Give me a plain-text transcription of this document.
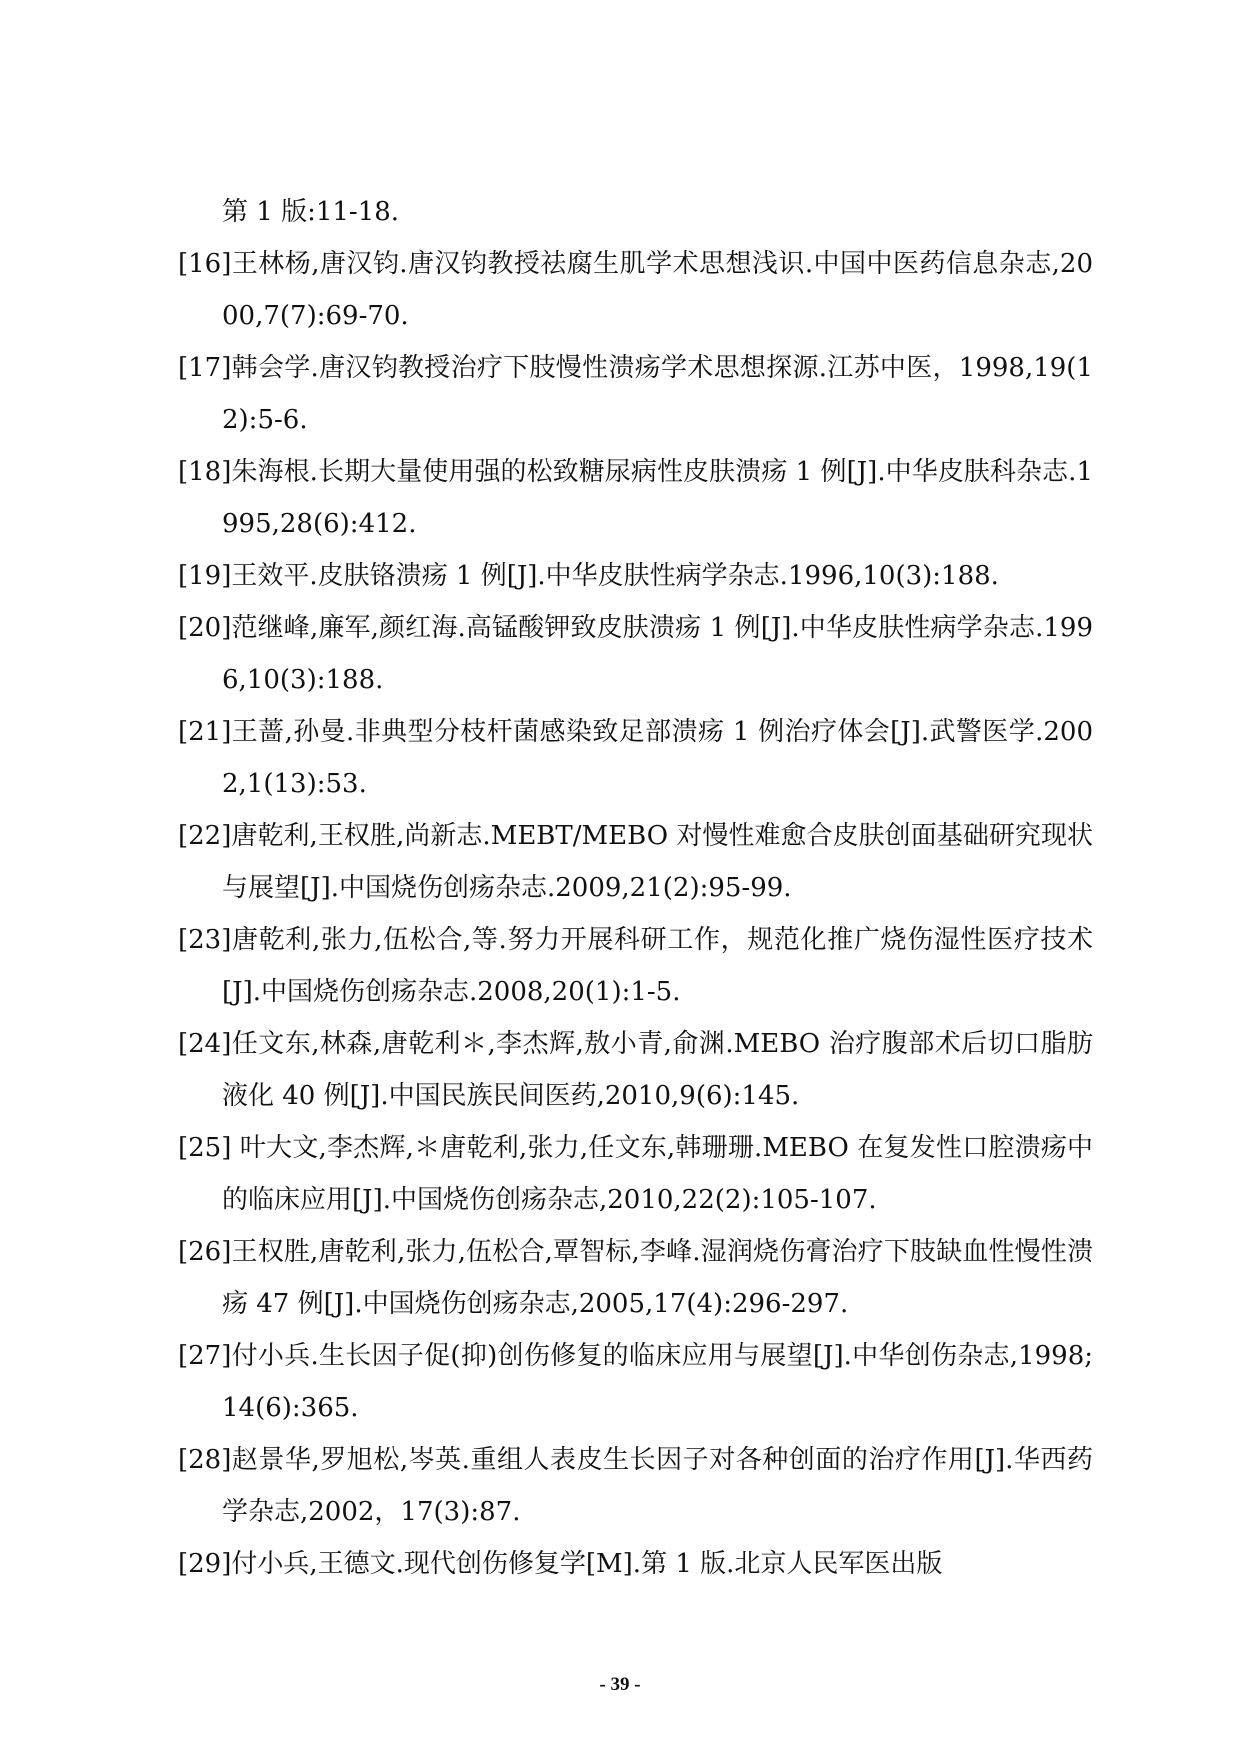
第 1 版:11-18.

[16]王林杨,唐汉钧.唐汉钧教授祛腐生肌学术思想浅识.中国中医药信息杂志,2000,7(7):69-70.

[17]韩会学.唐汉钧教授治疗下肢慢性溃疡学术思想探源.江苏中医，1998,19(12):5-6.

[18]朱海根.长期大量使用强的松致糖尿病性皮肤溃疡 1 例[J].中华皮肤科杂志.1995,28(6):412.

[19]王效平.皮肤铬溃疡 1 例[J].中华皮肤性病学杂志.1996,10(3):188.

[20]范继峰,廉军,颜红海.高锰酸钾致皮肤溃疡 1 例[J].中华皮肤性病学杂志.1996,10(3):188.

[21]王蔷,孙曼.非典型分枝杆菌感染致足部溃疡 1 例治疗体会[J].武警医学.2002,1(13):53.

[22]唐乾利,王权胜,尚新志.MEBT/MEBO 对慢性难愈合皮肤创面基础研究现状与展望[J].中国烧伤创疡杂志.2009,21(2):95-99.

[23]唐乾利,张力,伍松合,等.努力开展科研工作，规范化推广烧伤湿性医疗技术[J].中国烧伤创疡杂志.2008,20(1):1-5.

[24]任文东,林森,唐乾利＊,李杰辉,敖小青,俞渊.MEBO 治疗腹部术后切口脂肪液化 40 例[J].中国民族民间医药,2010,9(6):145.

[25] 叶大文,李杰辉,＊唐乾利,张力,任文东,韩珊珊.MEBO 在复发性口腔溃疡中的临床应用[J].中国烧伤创疡杂志,2010,22(2):105-107.

[26]王权胜,唐乾利,张力,伍松合,覃智标,李峰.湿润烧伤膏治疗下肢缺血性慢性溃疡 47 例[J].中国烧伤创疡杂志,2005,17(4):296-297.

[27]付小兵.生长因子促(抑)创伤修复的临床应用与展望[J].中华创伤杂志,1998;14(6):365.

[28]赵景华,罗旭松,岑英.重组人表皮生长因子对各种创面的治疗作用[J].华西药学杂志,2002，17(3):87.

[29]付小兵,王德文.现代创伤修复学[M].第 1 版.北京人民军医出版

- 39 -
